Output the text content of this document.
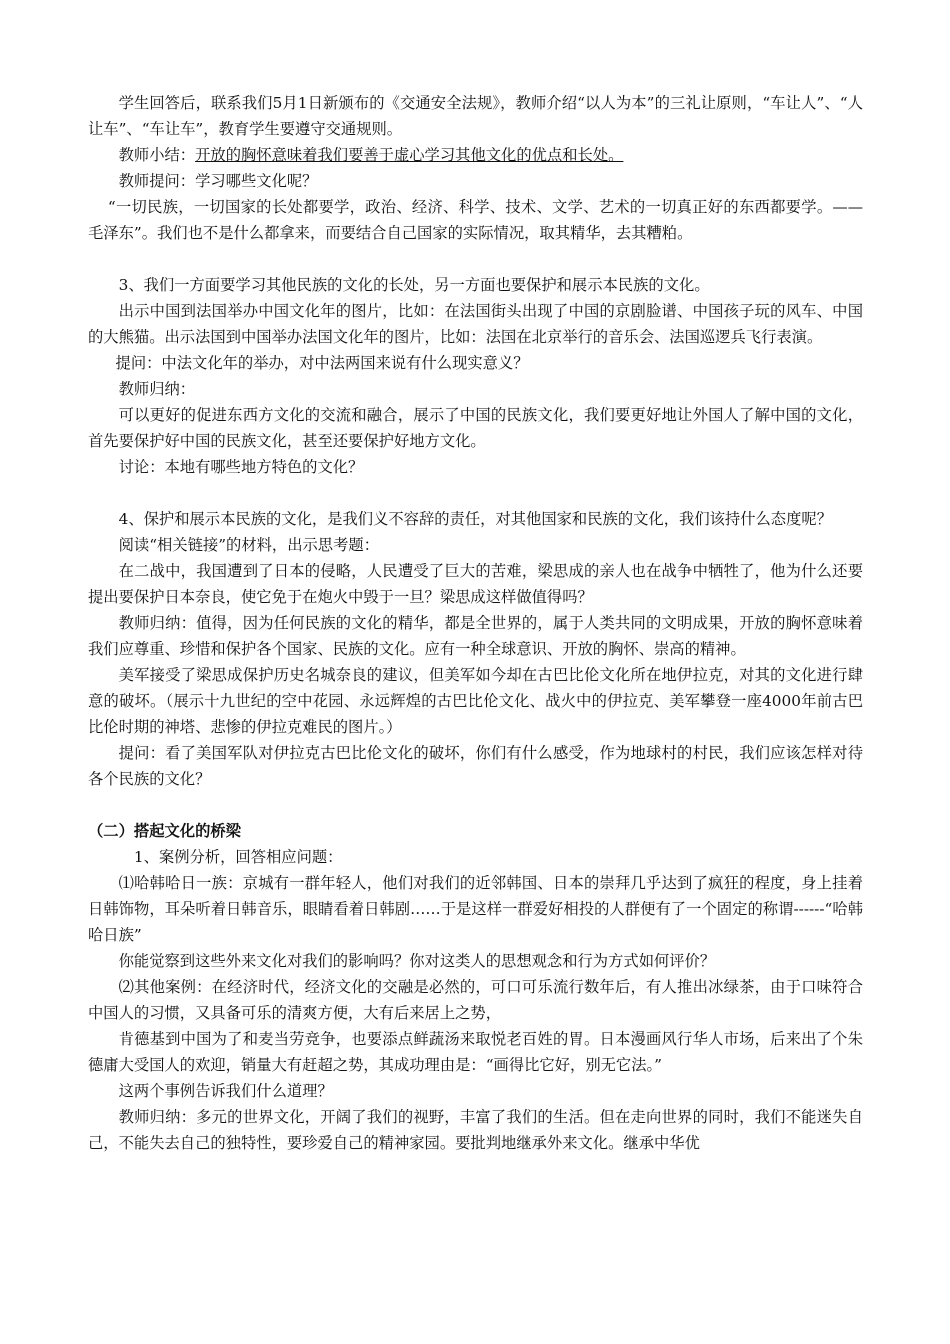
学生回答后，联系我们5月1日新颁布的《交通安全法规》，教师介绍“以人为本”的三礼让原则，“车让人”、“人让车”、“车让车”，教育学生要遵守交通规则。

教师小结：开放的胸怀意味着我们要善于虚心学习其他文化的优点和长处。

教师提问：学习哪些文化呢？

“一切民族，一切国家的长处都要学，政治、经济、科学、技术、文学、艺术的一切真正好的东西都要学。——毛泽东”。我们也不是什么都拿来，而要结合自己国家的实际情况，取其精华，去其糟粕。

3、我们一方面要学习其他民族的文化的长处，另一方面也要保护和展示本民族的文化。

出示中国到法国举办中国文化年的图片，比如：在法国街头出现了中国的京剧脸谱、中国孩子玩的风车、中国的大熊猫。出示法国到中国举办法国文化年的图片，比如：法国在北京举行的音乐会、法国巡逻兵飞行表演。

提问：中法文化年的举办，对中法两国来说有什么现实意义？

教师归纳：

可以更好的促进东西方文化的交流和融合，展示了中国的民族文化，我们要更好地让外国人了解中国的文化，首先要保护好中国的民族文化，甚至还要保护好地方文化。

讨论：本地有哪些地方特色的文化？

4、保护和展示本民族的文化，是我们义不容辞的责任，对其他国家和民族的文化，我们该持什么态度呢？

阅读“相关链接”的材料，出示思考题：

在二战中，我国遭到了日本的侵略，人民遭受了巨大的苦难，梁思成的亲人也在战争中牺牲了，他为什么还要提出要保护日本奈良，使它免于在炮火中毁于一旦？梁思成这样做值得吗？

教师归纳：值得，因为任何民族的文化的精华，都是全世界的，属于人类共同的文明成果，开放的胸怀意味着我们应尊重、珍惜和保护各个国家、民族的文化。应有一种全球意识、开放的胸怀、崇高的精神。

美军接受了梁思成保护历史名城奈良的建议，但美军如今却在古巴比伦文化所在地伊拉克，对其的文化进行肆意的破坏。（展示十九世纪的空中花园、永远辉煌的古巴比伦文化、战火中的伊拉克、美军攀登一座4000年前古巴比伦时期的神塔、悲惨的伊拉克难民的图片。）

提问：看了美国军队对伊拉克古巴比伦文化的破坏，你们有什么感受，作为地球村的村民，我们应该怎样对待各个民族的文化？

（二）搭起文化的桥梁

1、案例分析，回答相应问题：

⑴哈韩哈日一族：京城有一群年轻人，他们对我们的近邻韩国、日本的崇拜几乎达到了疯狂的程度，身上挂着日韩饰物，耳朵听着日韩音乐，眼睛看着日韩剧……于是这样一群爱好相投的人群便有了一个固定的称谓------“哈韩哈日族”

你能觉察到这些外来文化对我们的影响吗？你对这类人的思想观念和行为方式如何评价？

⑵其他案例：在经济时代，经济文化的交融是必然的，可口可乐流行数年后，有人推出冰绿茶，由于口味符合中国人的习惯，又具备可乐的清爽方便，大有后来居上之势，

肯德基到中国为了和麦当劳竞争，也要添点鲜蔬汤来取悦老百姓的胃。日本漫画风行华人市场，后来出了个朱德庸大受国人的欢迎，销量大有赶超之势，其成功理由是：“画得比它好，别无它法。”

这两个事例告诉我们什么道理？

教师归纳：多元的世界文化，开阔了我们的视野，丰富了我们的生活。但在走向世界的同时，我们不能迷失自己，不能失去自己的独特性，要珍爱自己的精神家园。要批判地继承外来文化。继承中华优
